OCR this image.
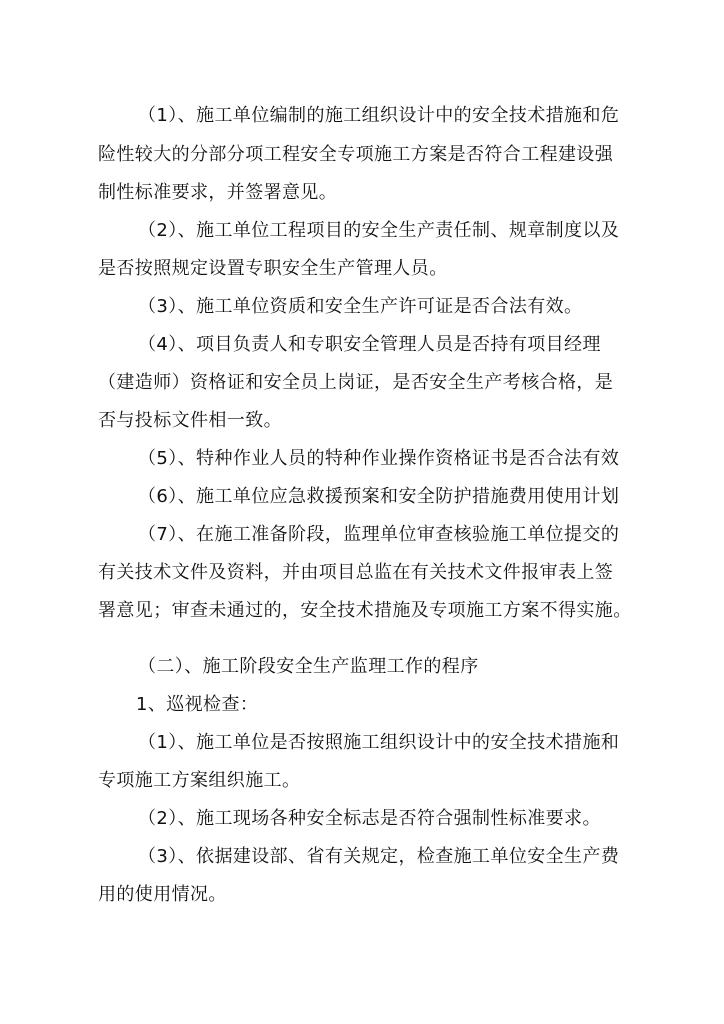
（1）、施工单位编制的施工组织设计中的安全技术措施和危
险性较大的分部分项工程安全专项施工方案是否符合工程建设强
制性标准要求，并签署意见。
（2）、施工单位工程项目的安全生产责任制、规章制度以及
是否按照规定设置专职安全生产管理人员。
（3）、施工单位资质和安全生产许可证是否合法有效。
（4）、项目负责人和专职安全管理人员是否持有项目经理
（建造师）资格证和安全员上岗证，是否安全生产考核合格，是
否与投标文件相一致。
（5）、特种作业人员的特种作业操作资格证书是否合法有效
（6）、施工单位应急救援预案和安全防护措施费用使用计划
（7）、在施工准备阶段，监理单位审查核验施工单位提交的
有关技术文件及资料，并由项目总监在有关技术文件报审表上签
署意见；审查未通过的，安全技术措施及专项施工方案不得实施。
（二）、施工阶段安全生产监理工作的程序
1、巡视检查：
（1）、施工单位是否按照施工组织设计中的安全技术措施和
专项施工方案组织施工。
（2）、施工现场各种安全标志是否符合强制性标准要求。
（3）、依据建设部、省有关规定，检查施工单位安全生产费
用的使用情况。
